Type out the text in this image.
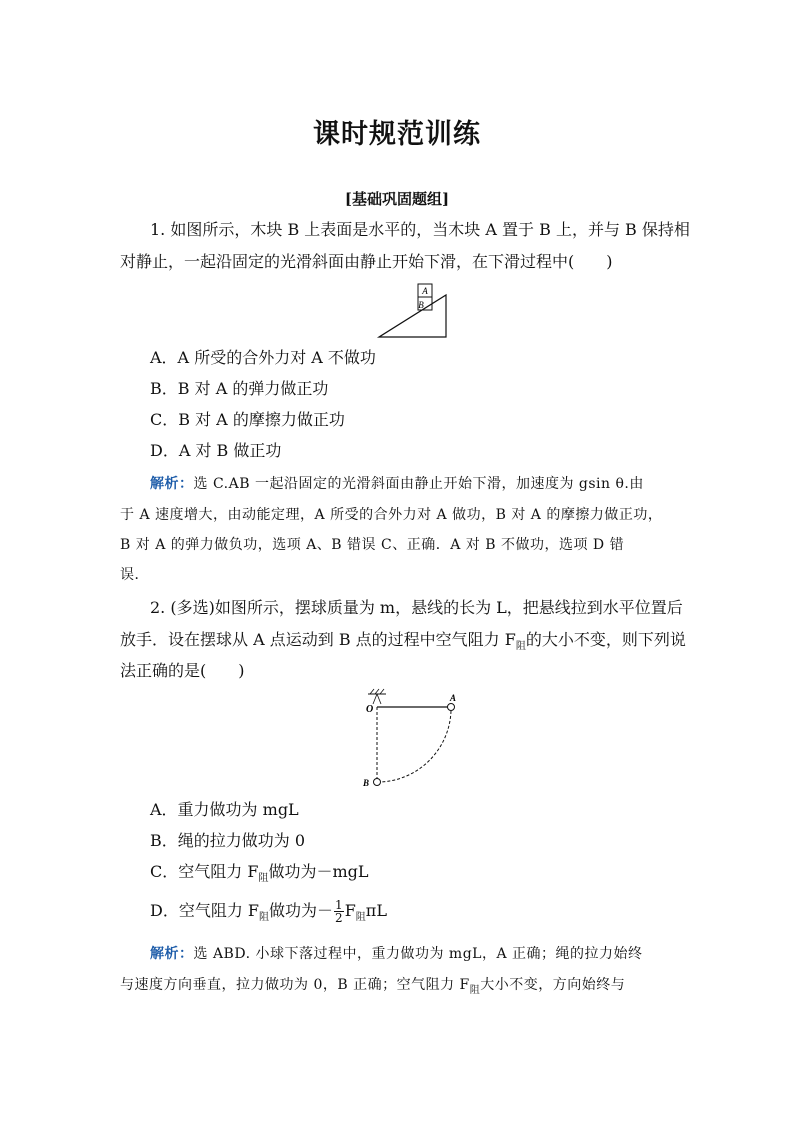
课时规范训练
[基础巩固题组]
1. 如图所示，木块 B 上表面是水平的，当木块 A 置于 B 上，并与 B 保持相
对静止，一起沿固定的光滑斜面由静止开始下滑，在下滑过程中(　　)
A
B
A．A 所受的合外力对 A 不做功
B．B 对 A 的弹力做正功
C．B 对 A 的摩擦力做正功
D．A 对 B 做正功
解析：选 C.AB 一起沿固定的光滑斜面由静止开始下滑，加速度为 gsin θ.由
于 A 速度增大，由动能定理，A 所受的合外力对 A 做功，B 对 A 的摩擦力做正功，
B 对 A 的弹力做负功，选项 A、B 错误 C、正确．A 对 B 不做功，选项 D 错
误．
2. (多选)如图所示，摆球质量为 m，悬线的长为 L，把悬线拉到水平位置后
放手．设在摆球从 A 点运动到 B 点的过程中空气阻力 $F_阻$的大小不变，则下列说
法正确的是(　　)
O
A
B
A．重力做功为 mgL
B．绳的拉力做功为 0
C．空气阻力 $F_阻$做功为－mgL
D．空气阻力 $F_阻$做功为－ $\frac{1}{2} F_阻\pi L$
解析：选 ABD. 小球下落过程中，重力做功为 mgL，A 正确；绳的拉力始终
与速度方向垂直，拉力做功为 0，B 正确；空气阻力 $F_阻$大小不变，方向始终与
